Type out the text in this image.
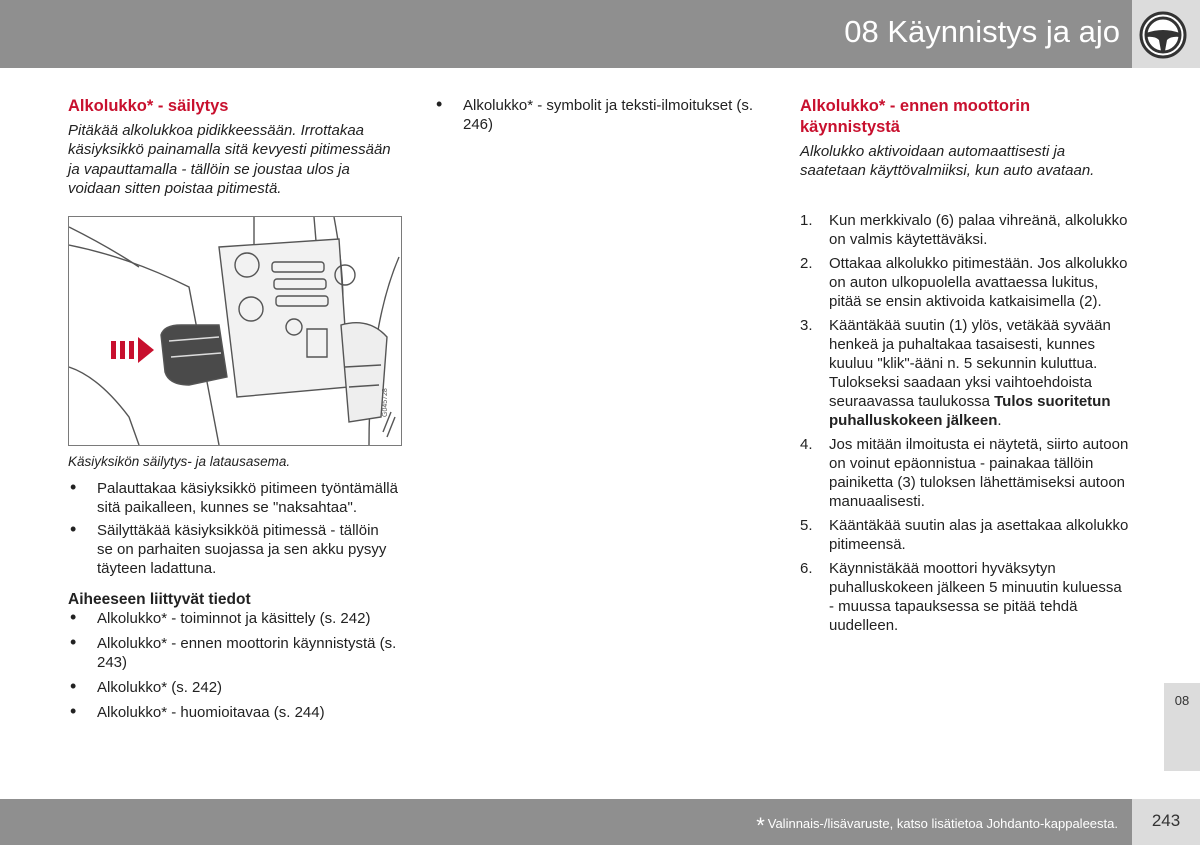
08 Käynnistys ja ajo
Alkolukko* - säilytys

Pitäkää alkolukkoa pidikkeessään. Irrottakaa käsiyksikkö painamalla sitä kevyesti pitimessään ja vapauttamalla - tällöin se joustaa ulos ja voidaan sitten poistaa pitimestä.

G045728
Käsiyksikön säilytys- ja latausasema.
• Palauttakaa käsiyksikkö pitimeen työntämällä sitä paikalleen, kunnes se "naksahtaa".
• Säilyttäkää käsiyksikköä pitimessä - tällöin se on parhaiten suojassa ja sen akku pysyy täyteen ladattuna.
Aiheeseen liittyvät tiedot
• Alkolukko* - toiminnot ja käsittely (s. 242)
• Alkolukko* - ennen moottorin käynnistystä (s. 243)
• Alkolukko* (s. 242)
• Alkolukko* - huomioitavaa (s. 244)
• Alkolukko* - symbolit ja teksti-ilmoitukset (s. 246)
Alkolukko* - ennen moottorin käynnistystä

Alkolukko aktivoidaan automaattisesti ja saatetaan käyttövalmiiksi, kun auto avataan.

1. Kun merkkivalo (6) palaa vihreänä, alkolukko on valmis käytettäväksi.
2. Ottakaa alkolukko pitimestään. Jos alkolukko on auton ulkopuolella avattaessa lukitus, pitää se ensin aktivoida katkaisimella (2).
3. Kääntäkää suutin (1) ylös, vetäkää syvään henkeä ja puhaltakaa tasaisesti, kunnes kuuluu "klik"-ääni n. 5 sekunnin kuluttua. Tulokseksi saadaan yksi vaihtoehdoista seuraavassa taulukossa Tulos suoritetun puhalluskokeen jälkeen.
4. Jos mitään ilmoitusta ei näytetä, siirto autoon on voinut epäonnistua - painakaa tällöin painiketta (3) tuloksen lähettämiseksi autoon manuaalisesti.
5. Kääntäkää suutin alas ja asettakaa alkolukko pitimeensä.
6. Käynnistäkää moottori hyväksytyn puhalluskokeen jälkeen 5 minuutin kuluessa - muussa tapauksessa se pitää tehdä uudelleen.
08
* Valinnais-/lisävaruste, katso lisätietoa Johdanto-kappaleesta.	243
